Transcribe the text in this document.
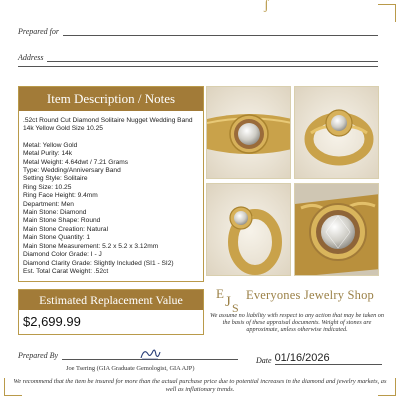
ʃ
Prepared for
Address
Item Description / Notes
.52ct Round Cut Diamond Solitaire Nugget Wedding Band 14k Yellow Gold Size 10.25
Metal: Yellow Gold
Metal Purity: 14k
Metal Weight: 4.64dwt / 7.21 Grams
Type: Wedding/Anniversary Band
Setting Style: Solitaire
Ring Size: 10.25
Ring Face Height: 9.4mm
Department: Men
Main Stone: Diamond
Main Stone Shape: Round
Main Stone Creation: Natural
Main Stone Quantity: 1
Main Stone Measurement: 5.2 x 5.2 x 3.12mm
Diamond Color Grade: I - J
Diamond Clarity Grade: Slightly Included (SI1 - SI2)
Est. Total Carat Weight: .52ct
Estimated Replacement Value
$2,699.99
E
J S
Everyones Jewelry Shop
We assume no liability with respect to any action that may be taken on the basis of these appraisal documents. Weight of stones are approximate, unless otherwise indicated.
Prepared By
Date 01/16/2026
Joe Tsering (GIA Graduate Gemologist, GIA AJP)
We recommend that the item be insured for more than the actual purchase price due to potential increases in the diamond and jewelry markets, as well as inflationary trends.
